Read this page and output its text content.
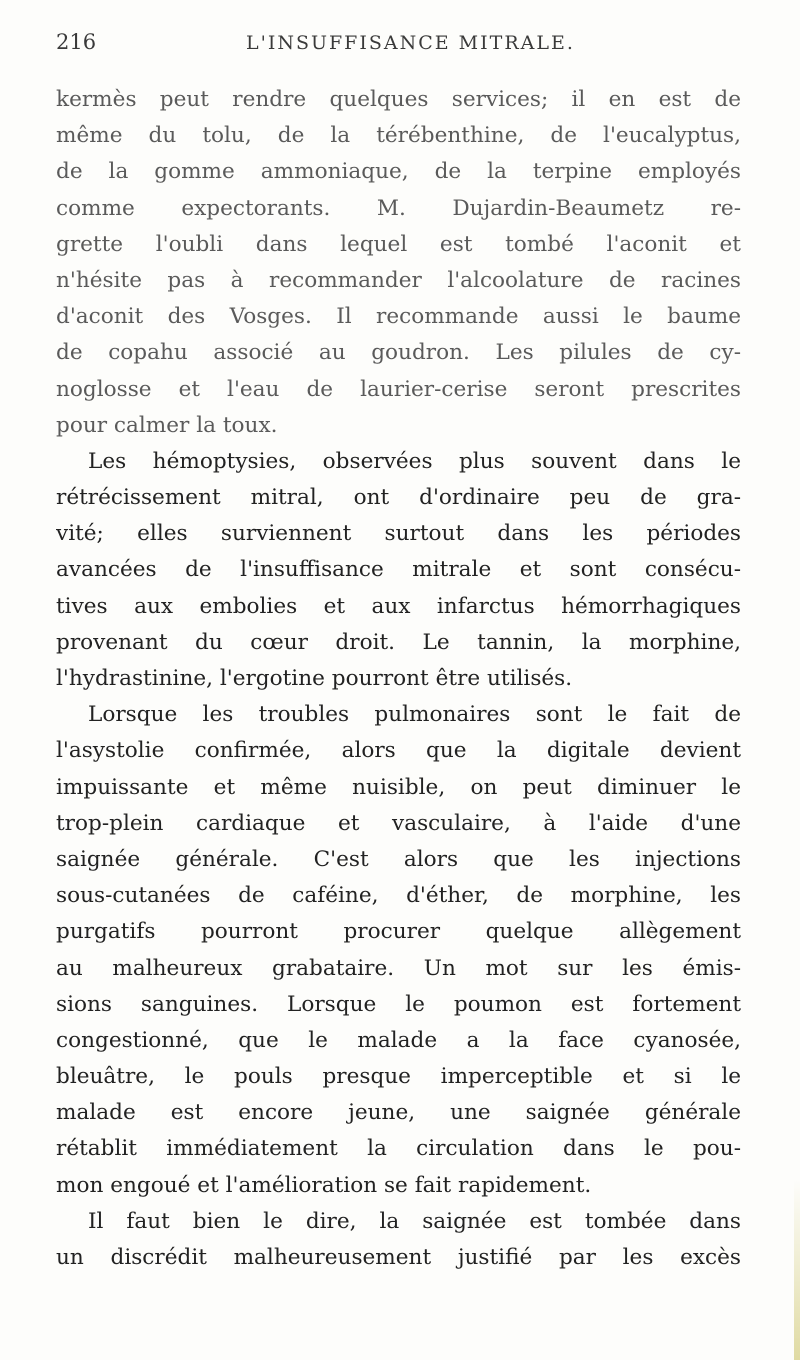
216	L'INSUFFISANCE MITRALE.
kermès peut rendre quelques services; il en est de
même du tolu, de la térébenthine, de l'eucalyptus,
de la gomme ammoniaque, de la terpine employés
comme expectorants. M. Dujardin-Beaumetz re-
grette l'oubli dans lequel est tombé l'aconit et
n'hésite pas à recommander l'alcoolature de racines
d'aconit des Vosges. Il recommande aussi le baume
de copahu associé au goudron. Les pilules de cy-
noglosse et l'eau de laurier-cerise seront prescrites
pour calmer la toux.
Les hémoptysies, observées plus souvent dans le
rétrécissement mitral, ont d'ordinaire peu de gra-
vité; elles surviennent surtout dans les périodes
avancées de l'insuffisance mitrale et sont consécu-
tives aux embolies et aux infarctus hémorrhagiques
provenant du cœur droit. Le tannin, la morphine,
l'hydrastinine, l'ergotine pourront être utilisés.
Lorsque les troubles pulmonaires sont le fait de
l'asystolie confirmée, alors que la digitale devient
impuissante et même nuisible, on peut diminuer le
trop-plein cardiaque et vasculaire, à l'aide d'une
saignée générale. C'est alors que les injections
sous-cutanées de caféine, d'éther, de morphine, les
purgatifs pourront procurer quelque allègement
au malheureux grabataire. Un mot sur les émis-
sions sanguines. Lorsque le poumon est fortement
congestionné, que le malade a la face cyanosée,
bleuâtre, le pouls presque imperceptible et si le
malade est encore jeune, une saignée générale
rétablit immédiatement la circulation dans le pou-
mon engoué et l'amélioration se fait rapidement.
Il faut bien le dire, la saignée est tombée dans
un discrédit malheureusement justifié par les excès
